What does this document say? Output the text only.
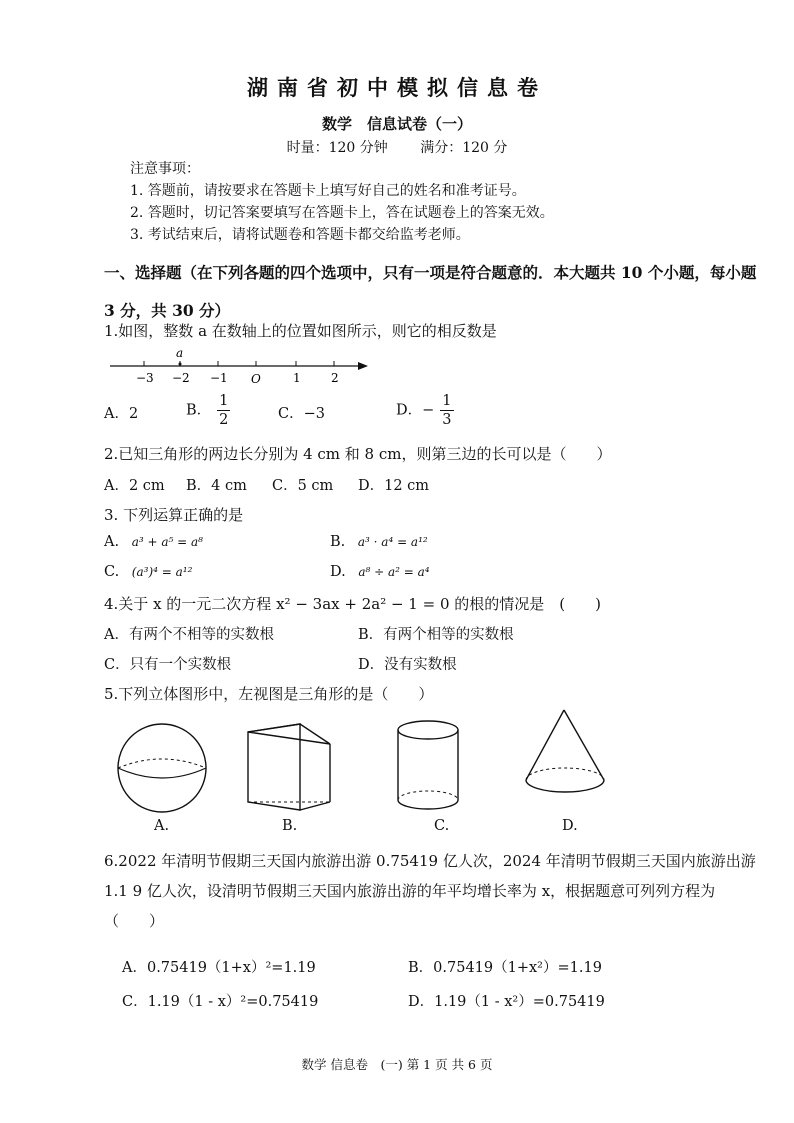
湖南省初中模拟信息卷
数学　信息试卷（一）
时量：120 分钟 满分：120 分
注意事项：
1. 答题前，请按要求在答题卡上填写好自己的姓名和准考证号。
2. 答题时，切记答案要填写在答题卡上，答在试题卷上的答案无效。
3. 考试结束后，请将试题卷和答题卡都交给监考老师。
一、选择题（在下列各题的四个选项中，只有一项是符合题意的．本大题共 10 个小题，每小题 3 分，共 30 分）
1.如图，整数 a 在数轴上的位置如图所示，则它的相反数是
a
−3 −2 −1 O	1	2
A．2	B． $\frac{1}{2}$	C．−3	D．− $\frac{1}{3}$
2.已知三角形的两边长分别为 4 cm 和 8 cm，则第三边的长可以是（　　）
A．2 cm B．4 cm C．5 cm D．12 cm
3. 下列运算正确的是
A. a³ + a⁵ = a⁸	B. a³ · a⁴ = a¹²
C. (a³)⁴ = a¹²	D. a⁸ ÷ a² = a⁴
4.关于 x 的一元二次方程 x² − 3ax + 2a² − 1 = 0 的根的情况是　(　　)
A．有两个不相等的实数根	B．有两个相等的实数根
C．只有一个实数根	D．没有实数根
5.下列立体图形中，左视图是三角形的是（　　）
A.	B.	C.	D.
6.2022 年清明节假期三天国内旅游出游 0.75419 亿人次，2024 年清明节假期三天国内旅游出游 1.1 9 亿人次，设清明节假期三天国内旅游出游的年平均增长率为 x，根据题意可列列方程为（　　）
A．0.75419（1+x）²=1.19	B．0.75419（1+x²）=1.19
C．1.19（1 - x）²=0.75419	D．1.19（1 - x²）=0.75419
数学 信息卷　(一) 第 1 页 共 6 页
